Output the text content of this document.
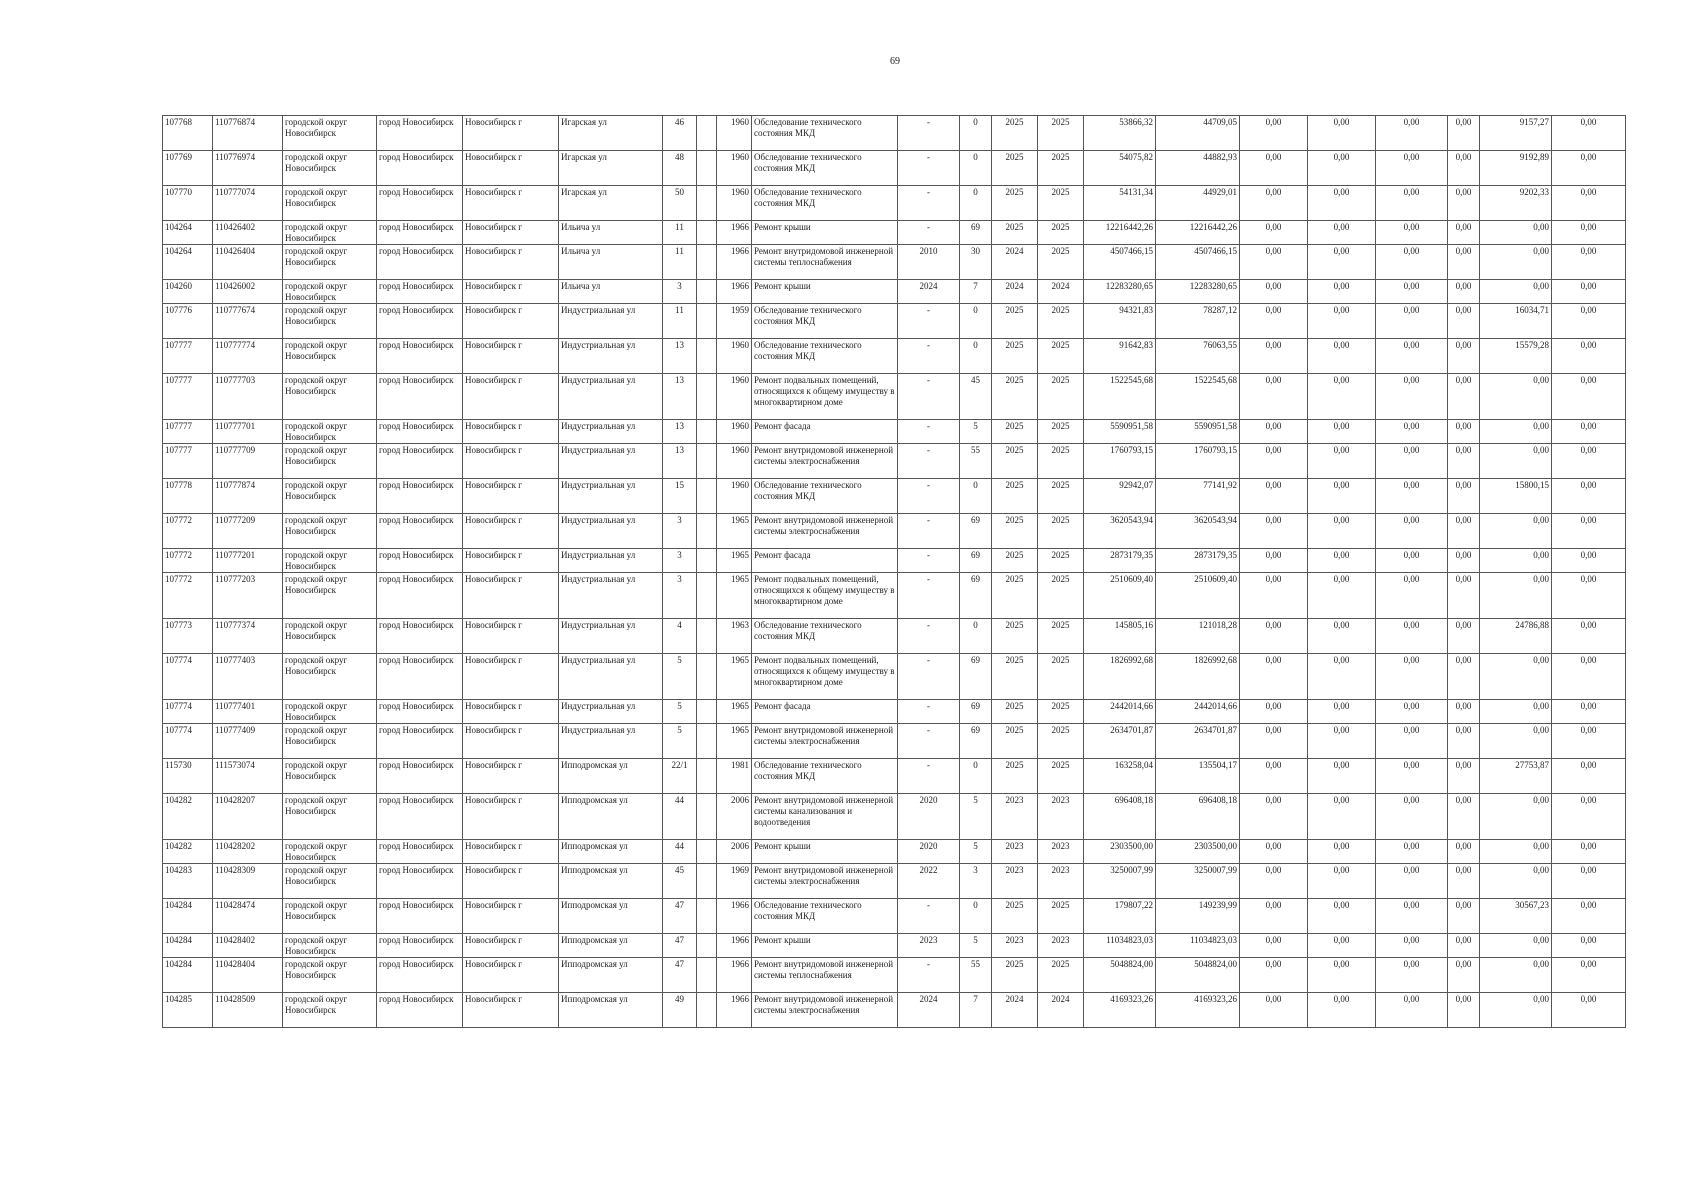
69
107768	110776874	городской округ Новосибирск	город Новосибирск	Новосибирск г	Игарская ул	46		1960	Обследование технического состояния МКД	-	0	2025	2025	53866,32	44709,05	0,00	0,00	0,00	0,00	9157,27	0,00
107769	110776974	городской округ Новосибирск	город Новосибирск	Новосибирск г	Игарская ул	48		1960	Обследование технического состояния МКД	-	0	2025	2025	54075,82	44882,93	0,00	0,00	0,00	0,00	9192,89	0,00
107770	110777074	городской округ Новосибирск	город Новосибирск	Новосибирск г	Игарская ул	50		1960	Обследование технического состояния МКД	-	0	2025	2025	54131,34	44929,01	0,00	0,00	0,00	0,00	9202,33	0,00
104264	110426402	городской округ Новосибирск	город Новосибирск	Новосибирск г	Ильича ул	11		1966	Ремонт крыши	-	69	2025	2025	12216442,26	12216442,26	0,00	0,00	0,00	0,00	0,00	0,00
104264	110426404	городской округ Новосибирск	город Новосибирск	Новосибирск г	Ильича ул	11		1966	Ремонт внутридомовой инженерной системы теплоснабжения	2010	30	2024	2025	4507466,15	4507466,15	0,00	0,00	0,00	0,00	0,00	0,00
104260	110426002	городской округ Новосибирск	город Новосибирск	Новосибирск г	Ильича ул	3		1966	Ремонт крыши	2024	7	2024	2024	12283280,65	12283280,65	0,00	0,00	0,00	0,00	0,00	0,00
107776	110777674	городской округ Новосибирск	город Новосибирск	Новосибирск г	Индустриальная ул	11		1959	Обследование технического состояния МКД	-	0	2025	2025	94321,83	78287,12	0,00	0,00	0,00	0,00	16034,71	0,00
107777	110777774	городской округ Новосибирск	город Новосибирск	Новосибирск г	Индустриальная ул	13		1960	Обследование технического состояния МКД	-	0	2025	2025	91642,83	76063,55	0,00	0,00	0,00	0,00	15579,28	0,00
107777	110777703	городской округ Новосибирск	город Новосибирск	Новосибирск г	Индустриальная ул	13		1960	Ремонт подвальных помещений, относящихся к общему имуществу в многоквартирном доме	-	45	2025	2025	1522545,68	1522545,68	0,00	0,00	0,00	0,00	0,00	0,00
107777	110777701	городской округ Новосибирск	город Новосибирск	Новосибирск г	Индустриальная ул	13		1960	Ремонт фасада	-	5	2025	2025	5590951,58	5590951,58	0,00	0,00	0,00	0,00	0,00	0,00
107777	110777709	городской округ Новосибирск	город Новосибирск	Новосибирск г	Индустриальная ул	13		1960	Ремонт внутридомовой инженерной системы электроснабжения	-	55	2025	2025	1760793,15	1760793,15	0,00	0,00	0,00	0,00	0,00	0,00
107778	110777874	городской округ Новосибирск	город Новосибирск	Новосибирск г	Индустриальная ул	15		1960	Обследование технического состояния МКД	-	0	2025	2025	92942,07	77141,92	0,00	0,00	0,00	0,00	15800,15	0,00
107772	110777209	городской округ Новосибирск	город Новосибирск	Новосибирск г	Индустриальная ул	3		1965	Ремонт внутридомовой инженерной системы электроснабжения	-	69	2025	2025	3620543,94	3620543,94	0,00	0,00	0,00	0,00	0,00	0,00
107772	110777201	городской округ Новосибирск	город Новосибирск	Новосибирск г	Индустриальная ул	3		1965	Ремонт фасада	-	69	2025	2025	2873179,35	2873179,35	0,00	0,00	0,00	0,00	0,00	0,00
107772	110777203	городской округ Новосибирск	город Новосибирск	Новосибирск г	Индустриальная ул	3		1965	Ремонт подвальных помещений, относящихся к общему имуществу в многоквартирном доме	-	69	2025	2025	2510609,40	2510609,40	0,00	0,00	0,00	0,00	0,00	0,00
107773	110777374	городской округ Новосибирск	город Новосибирск	Новосибирск г	Индустриальная ул	4		1963	Обследование технического состояния МКД	-	0	2025	2025	145805,16	121018,28	0,00	0,00	0,00	0,00	24786,88	0,00
107774	110777403	городской округ Новосибирск	город Новосибирск	Новосибирск г	Индустриальная ул	5		1965	Ремонт подвальных помещений, относящихся к общему имуществу в многоквартирном доме	-	69	2025	2025	1826992,68	1826992,68	0,00	0,00	0,00	0,00	0,00	0,00
107774	110777401	городской округ Новосибирск	город Новосибирск	Новосибирск г	Индустриальная ул	5		1965	Ремонт фасада	-	69	2025	2025	2442014,66	2442014,66	0,00	0,00	0,00	0,00	0,00	0,00
107774	110777409	городской округ Новосибирск	город Новосибирск	Новосибирск г	Индустриальная ул	5		1965	Ремонт внутридомовой инженерной системы электроснабжения	-	69	2025	2025	2634701,87	2634701,87	0,00	0,00	0,00	0,00	0,00	0,00
115730	111573074	городской округ Новосибирск	город Новосибирск	Новосибирск г	Ипподромская ул	22/1		1981	Обследование технического состояния МКД	-	0	2025	2025	163258,04	135504,17	0,00	0,00	0,00	0,00	27753,87	0,00
104282	110428207	городской округ Новосибирск	город Новосибирск	Новосибирск г	Ипподромская ул	44		2006	Ремонт внутридомовой инженерной системы канализования и водоотведения	2020	5	2023	2023	696408,18	696408,18	0,00	0,00	0,00	0,00	0,00	0,00
104282	110428202	городской округ Новосибирск	город Новосибирск	Новосибирск г	Ипподромская ул	44		2006	Ремонт крыши	2020	5	2023	2023	2303500,00	2303500,00	0,00	0,00	0,00	0,00	0,00	0,00
104283	110428309	городской округ Новосибирск	город Новосибирск	Новосибирск г	Ипподромская ул	45		1969	Ремонт внутридомовой инженерной системы электроснабжения	2022	3	2023	2023	3250007,99	3250007,99	0,00	0,00	0,00	0,00	0,00	0,00
104284	110428474	городской округ Новосибирск	город Новосибирск	Новосибирск г	Ипподромская ул	47		1966	Обследование технического состояния МКД	-	0	2025	2025	179807,22	149239,99	0,00	0,00	0,00	0,00	30567,23	0,00
104284	110428402	городской округ Новосибирск	город Новосибирск	Новосибирск г	Ипподромская ул	47		1966	Ремонт крыши	2023	5	2023	2023	11034823,03	11034823,03	0,00	0,00	0,00	0,00	0,00	0,00
104284	110428404	городской округ Новосибирск	город Новосибирск	Новосибирск г	Ипподромская ул	47		1966	Ремонт внутридомовой инженерной системы теплоснабжения	-	55	2025	2025	5048824,00	5048824,00	0,00	0,00	0,00	0,00	0,00	0,00
104285	110428509	городской округ Новосибирск	город Новосибирск	Новосибирск г	Ипподромская ул	49		1966	Ремонт внутридомовой инженерной системы электроснабжения	2024	7	2024	2024	4169323,26	4169323,26	0,00	0,00	0,00	0,00	0,00	0,00
